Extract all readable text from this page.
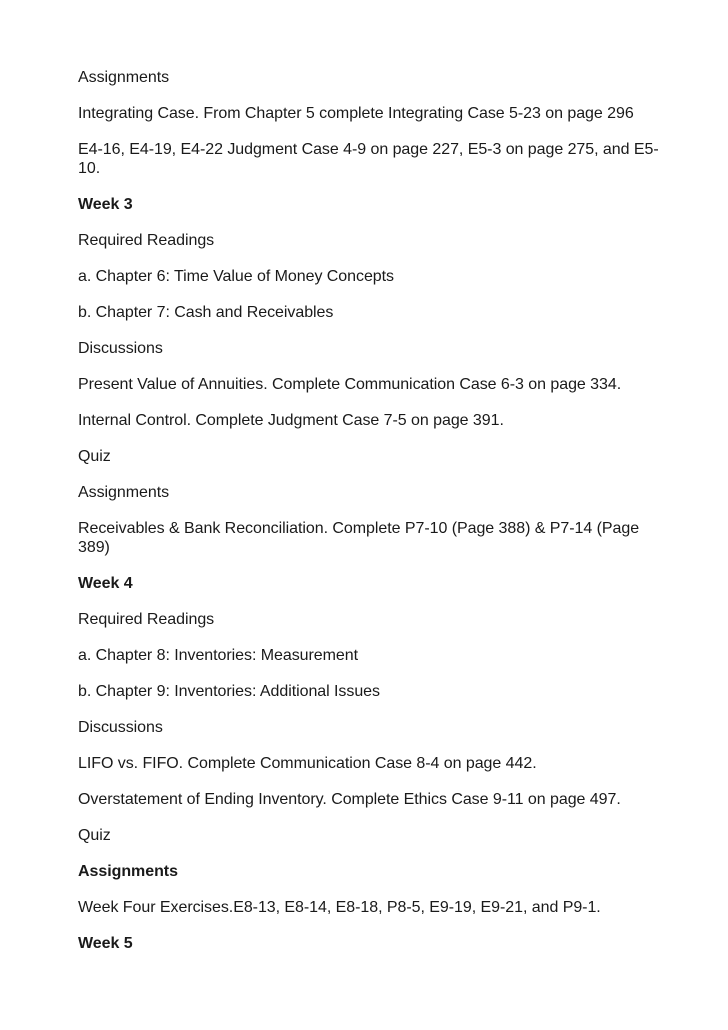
Assignments

Integrating Case. From Chapter 5 complete Integrating Case 5-23 on page 296

E4-16, E4-19, E4-22 Judgment Case 4-9 on page 227, E5-3 on page 275, and E5-10.

Week 3

Required Readings

a. Chapter 6: Time Value of Money Concepts

b. Chapter 7: Cash and Receivables

Discussions

Present Value of Annuities. Complete Communication Case 6-3 on page 334.

Internal Control. Complete Judgment Case 7-5 on page 391.

Quiz

Assignments

Receivables & Bank Reconciliation. Complete P7-10 (Page 388) & P7-14 (Page 389)

Week 4

Required Readings

a. Chapter 8: Inventories: Measurement

b. Chapter 9: Inventories: Additional Issues

Discussions

LIFO vs. FIFO. Complete Communication Case 8-4 on page 442.

Overstatement of Ending Inventory. Complete Ethics Case 9-11 on page 497.

Quiz

Assignments

Week Four Exercises.E8-13, E8-14, E8-18, P8-5, E9-19, E9-21, and P9-1.

Week 5
